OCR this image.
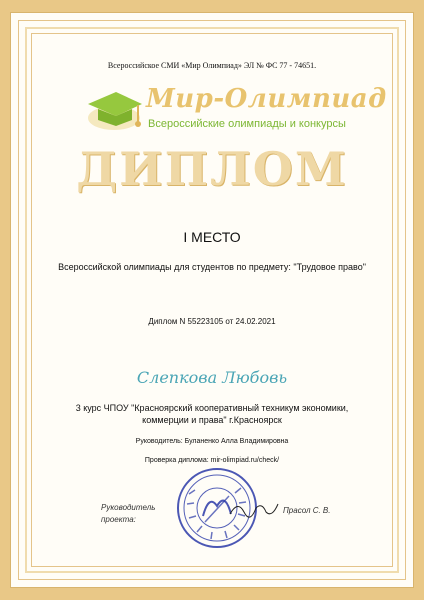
Всероссийское СМИ «Мир Олимпиад» ЭЛ № ФС 77 - 74651.
Мир-Олимпиад
Всероссийские олимпиады и конкурсы
ДИПЛОМ
I МЕСТО
Всероссийской олимпиады для студентов по предмету: "Трудовое право"
Диплом N 55223105 от 24.02.2021
Слепкова Любовь
3 курс ЧПОУ "Красноярский кооперативный техникум экономики, коммерции и права" г.Красноярск
Руководитель: Буланенко Алла Владимировна
Проверка диплома: mir-olimpiad.ru/check/
Руководитель проекта:
Прасол С. В.
